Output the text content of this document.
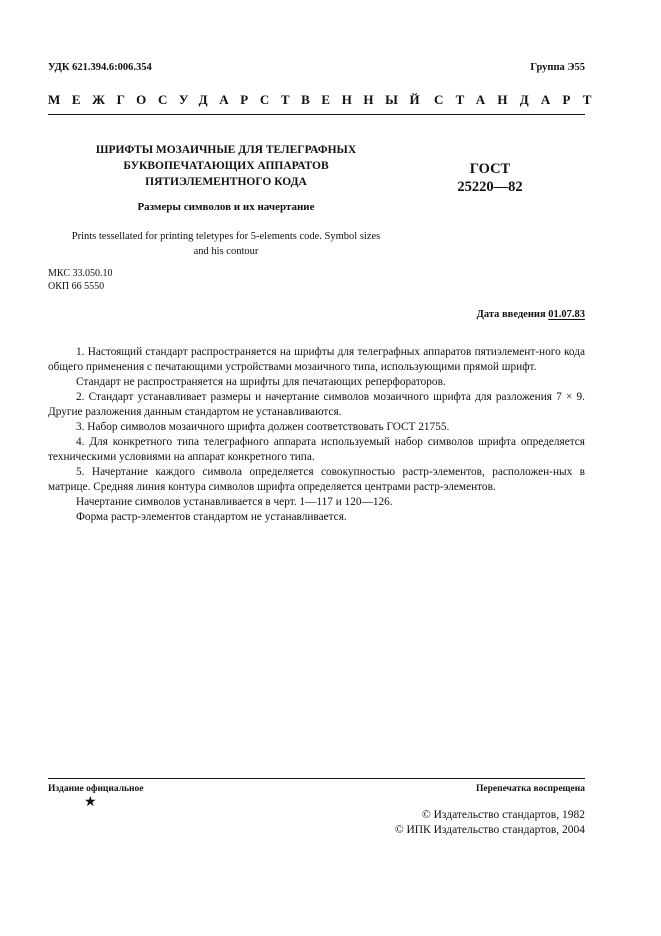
УДК 621.394.6:006.354	Группа Э55
МЕЖГОСУДАРСТВЕННЫЙ СТАНДАРТ
ШРИФТЫ МОЗАИЧНЫЕ ДЛЯ ТЕЛЕГРАФНЫХ
БУКВОПЕЧАТАЮЩИХ АППАРАТОВ
ПЯТИЭЛЕМЕНТНОГО КОДА
ГОСТ
25220—82
Размеры символов и их начертание
Prints tessellated for printing teletypes for 5-elements code. Symbol sizes
and his contour
МКС 33.050.10
ОКП 66 5550
Дата введения 01.07.83

1. Настоящий стандарт распространяется на шрифты для телеграфных аппаратов пятиэлемент-ного кода общего применения с печатающими устройствами мозаичного типа, использующими прямой шрифт.

Стандарт не распространяется на шрифты для печатающих реперфораторов.

2. Стандарт устанавливает размеры и начертание символов мозаичного шрифта для разложения 7 × 9. Другие разложения данным стандартом не устанавливаются.

3. Набор символов мозаичного шрифта должен соответствовать ГОСТ 21755.

4. Для конкретного типа телеграфного аппарата используемый набор символов шрифта определяется техническими условиями на аппарат конкретного типа.

5. Начертание каждого символа определяется совокупностью растр-элементов, расположен-ных в матрице. Средняя линия контура символов шрифта определяется центрами растр-элементов.

Начертание символов устанавливается в черт. 1—117 и 120—126.

Форма растр-элементов стандартом не устанавливается.

Издание официальное	Перепечатка воспрещена
★
© Издательство стандартов, 1982
© ИПК Издательство стандартов, 2004
